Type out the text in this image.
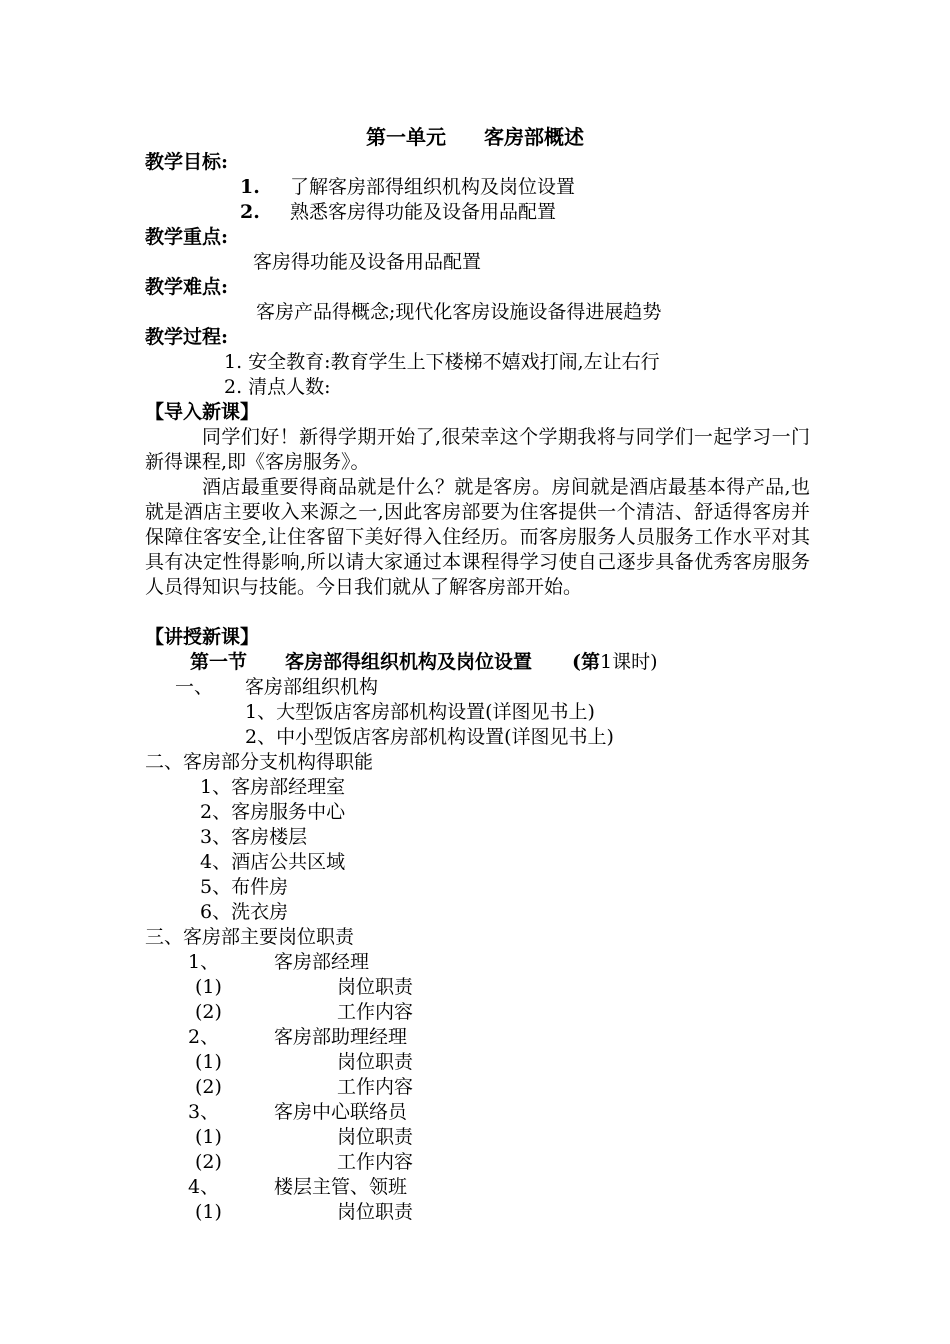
第一单元 客房部概述
教学目标:
1. 了解客房部得组织机构及岗位设置
2. 熟悉客房得功能及设备用品配置
教学重点:
客房得功能及设备用品配置
教学难点:
客房产品得概念;现代化客房设施设备得进展趋势
教学过程:
1. 安全教育:教育学生上下楼梯不嬉戏打闹,左让右行
2. 清点人数:
【导入新课】
同学们好！新得学期开始了,很荣幸这个学期我将与同学们一起学习一门新得课程,即《客房服务》。
酒店最重要得商品就是什么？就是客房。房间就是酒店最基本得产品,也就是酒店主要收入来源之一,因此客房部要为住客提供一个清洁、舒适得客房并保障住客安全,让住客留下美好得入住经历。而客房服务人员服务工作水平对其具有决定性得影响,所以请大家通过本课程得学习使自己逐步具备优秀客房服务人员得知识与技能。今日我们就从了解客房部开始。
【讲授新课】
第一节 客房部得组织机构及岗位设置 (第1课时)
一、 客房部组织机构
1、大型饭店客房部机构设置(详图见书上)
2、中小型饭店客房部机构设置(详图见书上)
二、客房部分支机构得职能
1、客房部经理室
2、客房服务中心
3、客房楼层
4、酒店公共区域
5、布件房
6、洗衣房
三、客房部主要岗位职责
1、	客房部经理
(1)	岗位职责
(2)	工作内容
2、	客房部助理经理
(1)	岗位职责
(2)	工作内容
3、	客房中心联络员
(1)	岗位职责
(2)	工作内容
4、	楼层主管、领班
(1)	岗位职责
